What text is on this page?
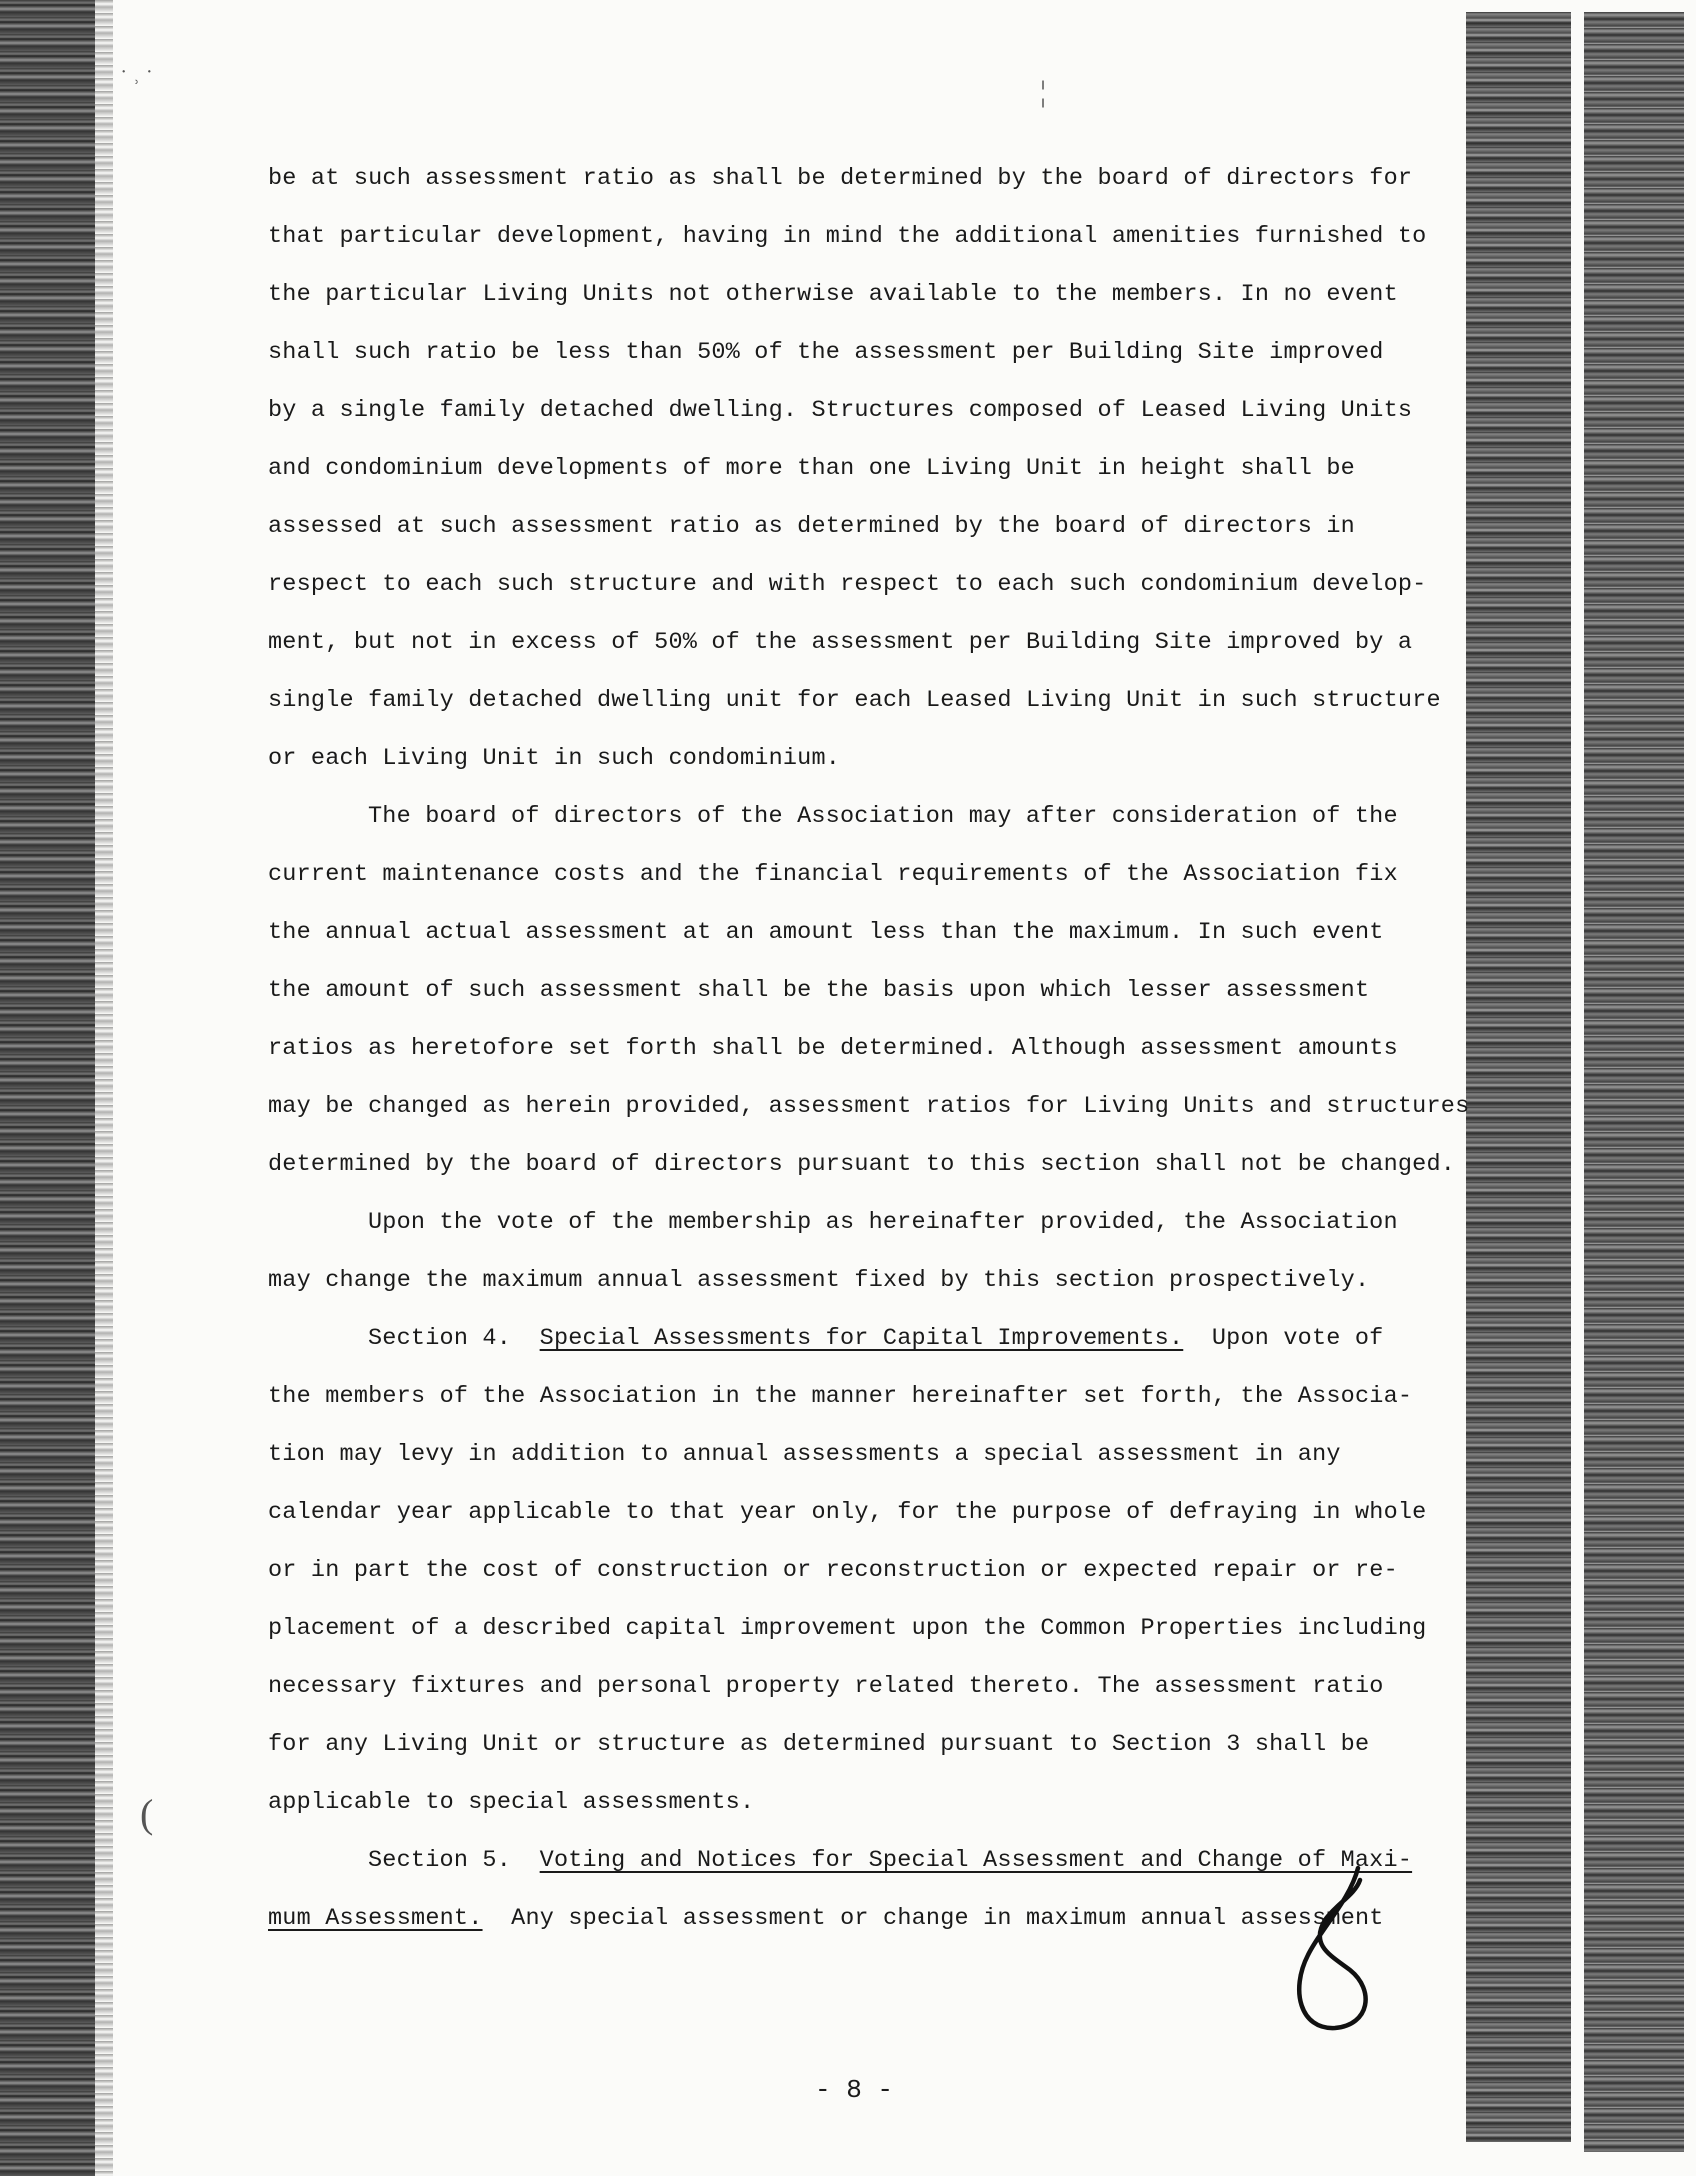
˙ ˒ ˙	¦
(
be at such assessment ratio as shall be determined by the board of directors for
that particular development, having in mind the additional amenities furnished to
the particular Living Units not otherwise available to the members. In no event
shall such ratio be less than 50% of the assessment per Building Site improved
by a single family detached dwelling. Structures composed of Leased Living Units
and condominium developments of more than one Living Unit in height shall be
assessed at such assessment ratio as determined by the board of directors in
respect to each such structure and with respect to each such condominium develop-
ment, but not in excess of 50% of the assessment per Building Site improved by a
single family detached dwelling unit for each Leased Living Unit in such structure
or each Living Unit in such condominium.
The board of directors of the Association may after consideration of the
current maintenance costs and the financial requirements of the Association fix
the annual actual assessment at an amount less than the maximum. In such event
the amount of such assessment shall be the basis upon which lesser assessment
ratios as heretofore set forth shall be determined. Although assessment amounts
may be changed as herein provided, assessment ratios for Living Units and structures
determined by the board of directors pursuant to this section shall not be changed.
Upon the vote of the membership as hereinafter provided, the Association
may change the maximum annual assessment fixed by this section prospectively.
Section 4. Special Assessments for Capital Improvements. Upon vote of
the members of the Association in the manner hereinafter set forth, the Associa-
tion may levy in addition to annual assessments a special assessment in any
calendar year applicable to that year only, for the purpose of defraying in whole
or in part the cost of construction or reconstruction or expected repair or re-
placement of a described capital improvement upon the Common Properties including
necessary fixtures and personal property related thereto. The assessment ratio
for any Living Unit or structure as determined pursuant to Section 3 shall be
applicable to special assessments.
Section 5. Voting and Notices for Special Assessment and Change of Maxi-
mum Assessment. Any special assessment or change in maximum annual assessment
- 8 -
